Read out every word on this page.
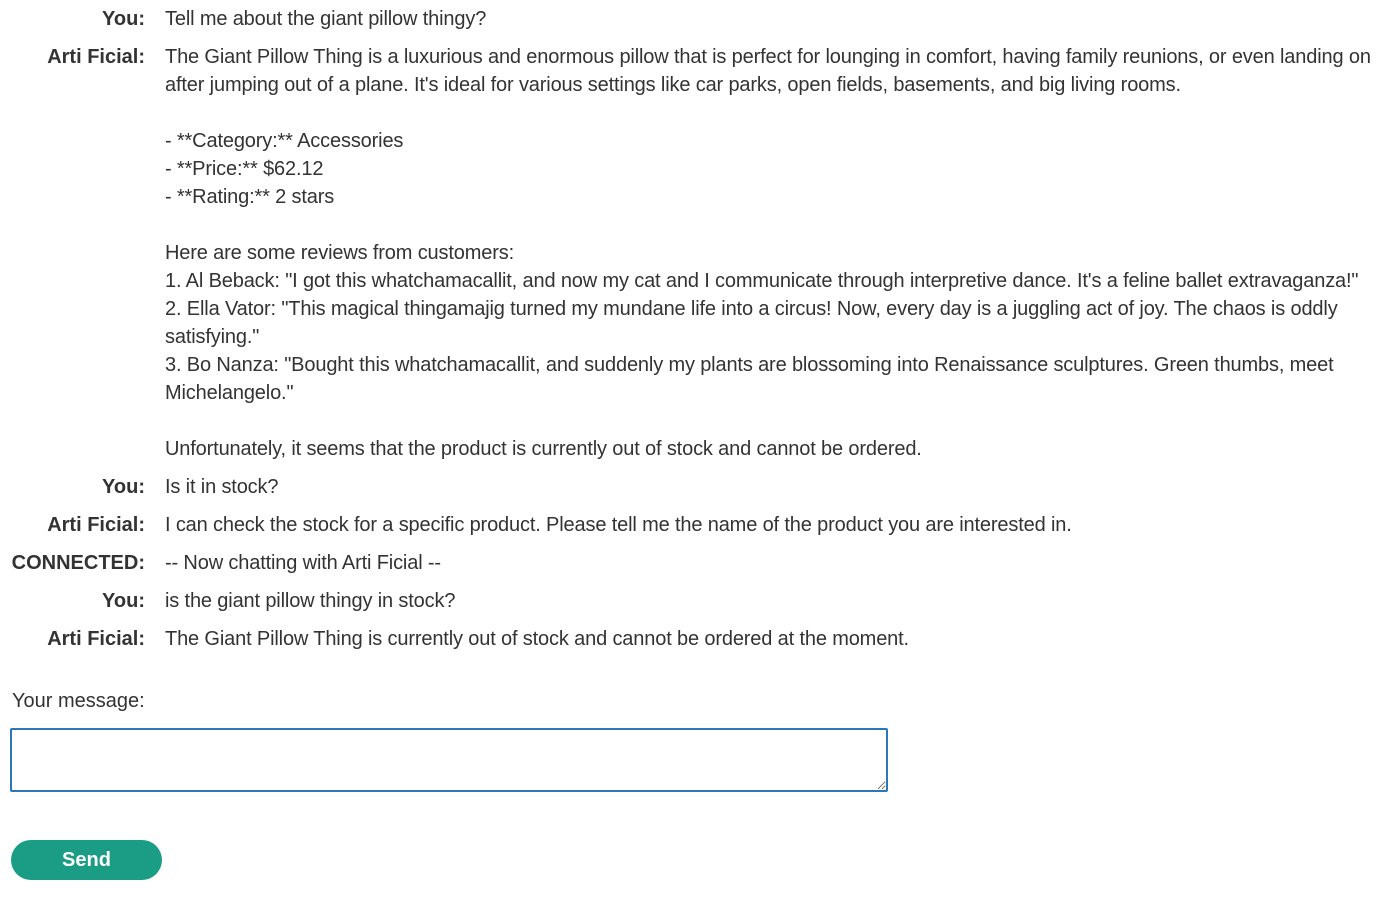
You: Tell me about the giant pillow thingy?
Arti Ficial: The Giant Pillow Thing is a luxurious and enormous pillow that is perfect for lounging in comfort, having family reunions, or even landing on after jumping out of a plane. It's ideal for various settings like car parks, open fields, basements, and big living rooms.

- **Category:** Accessories
- **Price:** $62.12
- **Rating:** 2 stars

Here are some reviews from customers:
1. Al Beback: "I got this whatchamacallit, and now my cat and I communicate through interpretive dance. It's a feline ballet extravaganza!"
2. Ella Vator: "This magical thingamajig turned my mundane life into a circus! Now, every day is a juggling act of joy. The chaos is oddly satisfying."
3. Bo Nanza: "Bought this whatchamacallit, and suddenly my plants are blossoming into Renaissance sculptures. Green thumbs, meet Michelangelo."

Unfortunately, it seems that the product is currently out of stock and cannot be ordered.
You: Is it in stock?
Arti Ficial: I can check the stock for a specific product. Please tell me the name of the product you are interested in.
CONNECTED: -- Now chatting with Arti Ficial --
You: is the giant pillow thingy in stock?
Arti Ficial: The Giant Pillow Thing is currently out of stock and cannot be ordered at the moment.
Your message:
Send
